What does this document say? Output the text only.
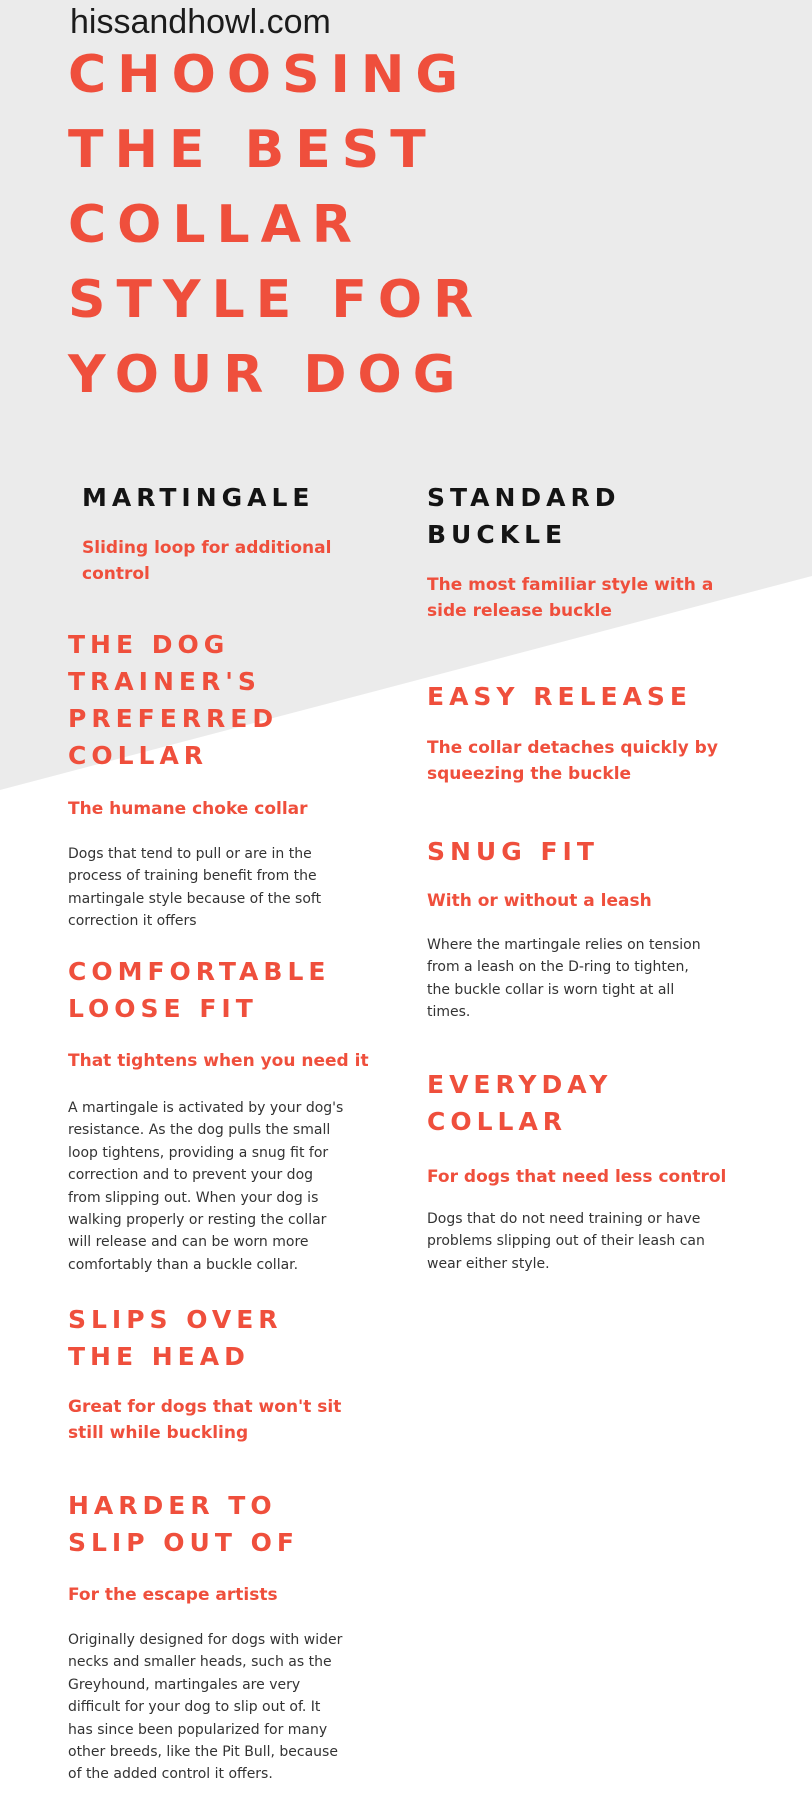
hissandhowl.com
CHOOSING
THE BEST
COLLAR
STYLE FOR
YOUR DOG
MARTINGALE

Sliding loop for additional control

THE DOG
TRAINER'S
PREFERRED
COLLAR

The humane choke collar

Dogs that tend to pull or are in the
process of training benefit from the
martingale style because of the soft
correction it offers

COMFORTABLE
LOOSE FIT

That tightens when you need it

A martingale is activated by your dog's
resistance. As the dog pulls the small
loop tightens, providing a snug fit for
correction and to prevent your dog
from slipping out. When your dog is
walking properly or resting the collar
will release and can be worn more
comfortably than a buckle collar.

SLIPS OVER
THE HEAD

Great for dogs that won't sit still while buckling

HARDER TO
SLIP OUT OF

For the escape artists

Originally designed for dogs with wider
necks and smaller heads, such as the
Greyhound, martingales are very
difficult for your dog to slip out of. It
has since been popularized for many
other breeds, like the Pit Bull, because
of the added control it offers.

STANDARD
BUCKLE

The most familiar style with a side release buckle

EASY RELEASE

The collar detaches quickly by squeezing the buckle

SNUG FIT

With or without a leash

Where the martingale relies on tension
from a leash on the D-ring to tighten,
the buckle collar is worn tight at all
times.

EVERYDAY
COLLAR

For dogs that need less control

Dogs that do not need training or have
problems slipping out of their leash can
wear either style.
